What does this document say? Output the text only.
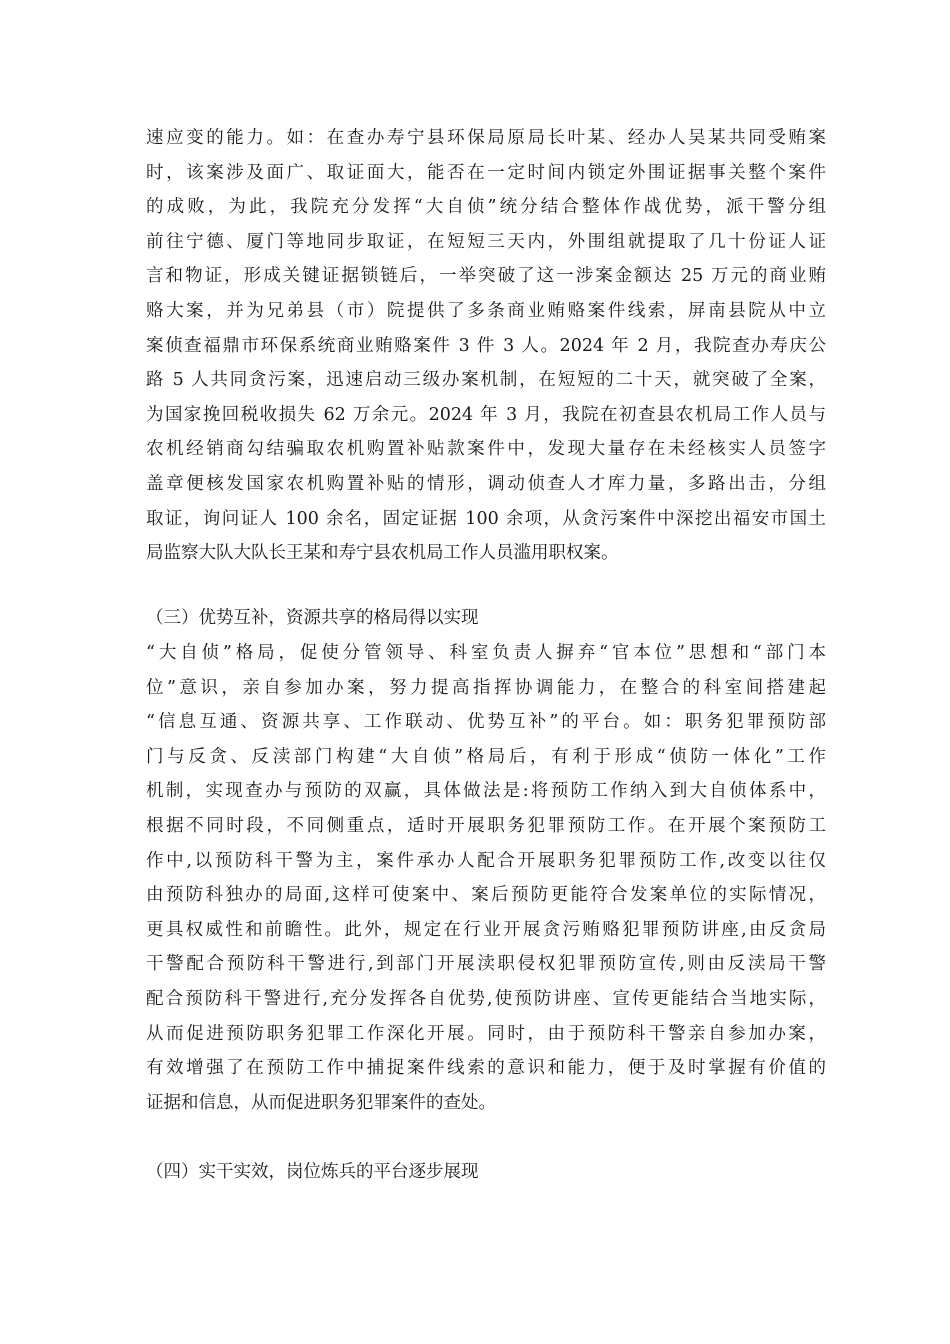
速应变的能力。如：在查办寿宁县环保局原局长叶某、经办人吴某共同受贿案
时，该案涉及面广、取证面大，能否在一定时间内锁定外围证据事关整个案件
的成败，为此，我院充分发挥“大自侦”统分结合整体作战优势，派干警分组
前往宁德、厦门等地同步取证，在短短三天内，外围组就提取了几十份证人证
言和物证，形成关键证据锁链后，一举突破了这一涉案金额达 25 万元的商业贿
赂大案，并为兄弟县（市）院提供了多条商业贿赂案件线索，屏南县院从中立
案侦查福鼎市环保系统商业贿赂案件 3 件 3 人。2024 年 2 月，我院查办寿庆公
路 5 人共同贪污案，迅速启动三级办案机制，在短短的二十天，就突破了全案，
为国家挽回税收损失 62 万余元。2024 年 3 月，我院在初查县农机局工作人员与
农机经销商勾结骗取农机购置补贴款案件中，发现大量存在未经核实人员签字
盖章便核发国家农机购置补贴的情形，调动侦查人才库力量，多路出击，分组
取证，询问证人 100 余名，固定证据 100 余项，从贪污案件中深挖出福安市国土
局监察大队大队长王某和寿宁县农机局工作人员滥用职权案。
（三）优势互补，资源共享的格局得以实现
“大自侦”格局，促使分管领导、科室负责人摒弃“官本位”思想和“部门本
位”意识，亲自参加办案，努力提高指挥协调能力，在整合的科室间搭建起
“信息互通、资源共享、工作联动、优势互补”的平台。如：职务犯罪预防部
门与反贪、反渎部门构建“大自侦”格局后，有利于形成“侦防一体化”工作
机制，实现查办与预防的双赢，具体做法是:将预防工作纳入到大自侦体系中，
根据不同时段，不同侧重点，适时开展职务犯罪预防工作。在开展个案预防工
作中,以预防科干警为主，案件承办人配合开展职务犯罪预防工作,改变以往仅
由预防科独办的局面,这样可使案中、案后预防更能符合发案单位的实际情况，
更具权威性和前瞻性。此外，规定在行业开展贪污贿赂犯罪预防讲座,由反贪局
干警配合预防科干警进行,到部门开展渎职侵权犯罪预防宣传,则由反渎局干警
配合预防科干警进行,充分发挥各自优势,使预防讲座、宣传更能结合当地实际，
从而促进预防职务犯罪工作深化开展。同时，由于预防科干警亲自参加办案，
有效增强了在预防工作中捕捉案件线索的意识和能力，便于及时掌握有价值的
证据和信息，从而促进职务犯罪案件的查处。
（四）实干实效，岗位炼兵的平台逐步展现
